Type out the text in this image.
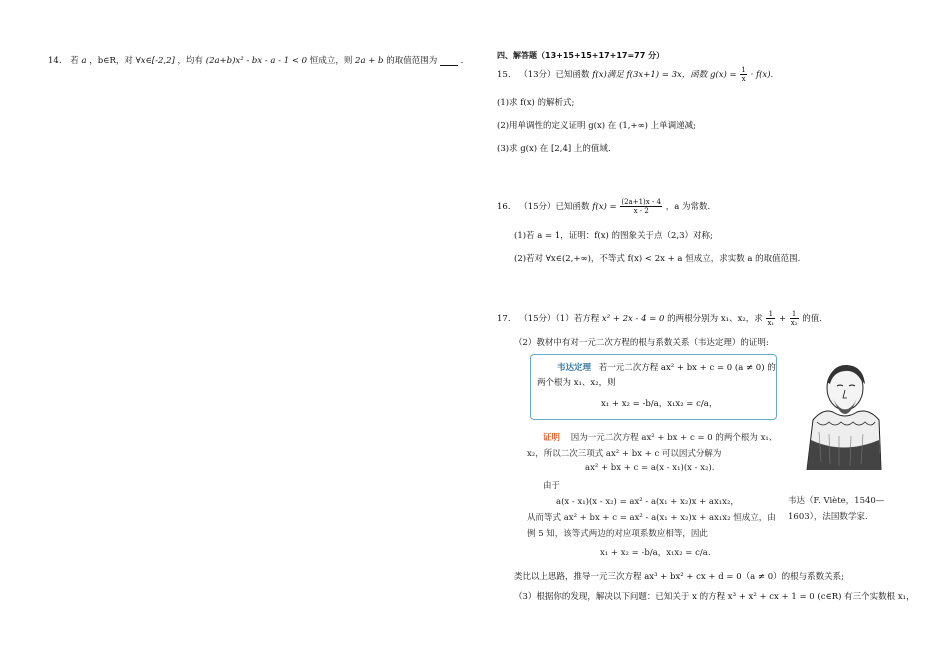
14. 若 a ，b∈R，对 ∀x∈[-2,2] ，均有 (2a+b)x² - bx - a - 1 < 0 恒成立，则 2a + b 的取值范围为	.
四、解答题（13+15+15+17+17=77 分）
15. （13分）已知函数 f(x)满足 f(3x+1) = 3x，函数 $g(x) = \frac{1}{x} \cdot f(x)$.
(1)求 f(x) 的解析式;
(2)用单调性的定义证明 g(x) 在 (1,+∞) 上单调递减;
(3)求 g(x) 在 [2,4] 上的值域.
16. （15分）已知函数 $f(x) = \frac{(2a+1)x - 4}{x - 2}$ ，a 为常数.
(1)若 a = 1，证明：f(x) 的图象关于点（2,3）对称;
(2)若对 ∀x∈(2,+∞)，不等式 f(x) < 2x + a 恒成立，求实数 a 的取值范围.
17. （15分）（1）若方程 x² + 2x - 4 = 0 的两根分别为 x₁、x₂，求 $\frac{1}{\text{x₁}} + \frac{1}{\text{x₂}}$ 的值.
（2）教材中有对一元二次方程的根与系数关系（韦达定理）的证明:
韦达定理 若一元二次方程 ax² + bx + c = 0 (a ≠ 0) 的
两个根为 x₁、x₂，则
x₁ + x₂ = -b/a，x₁x₂ = c/a，
证明 因为一元二次方程 ax² + bx + c = 0 的两个根为 x₁、
x₂，所以二次三项式 ax² + bx + c 可以因式分解为
ax² + bx + c = a(x - x₁)(x - x₂).
由于
a(x - x₁)(x - x₂) = ax² - a(x₁ + x₂)x + ax₁x₂，
从而等式 ax² + bx + c = ax² - a(x₁ + x₂)x + ax₁x₂ 恒成立，由
例 5 知，该等式两边的对应项系数应相等，因此
x₁ + x₂ = -b/a，x₁x₂ = c/a.
韦达（F. Viète，1540—
1603），法国数学家.
类比以上思路，推导一元三次方程 ax³ + bx² + cx + d = 0（a ≠ 0）的根与系数关系;
（3）根据你的发现，解决以下问题：已知关于 x 的方程 x³ + x² + cx + 1 = 0 (c∈R) 有三个实数根 x₁，
